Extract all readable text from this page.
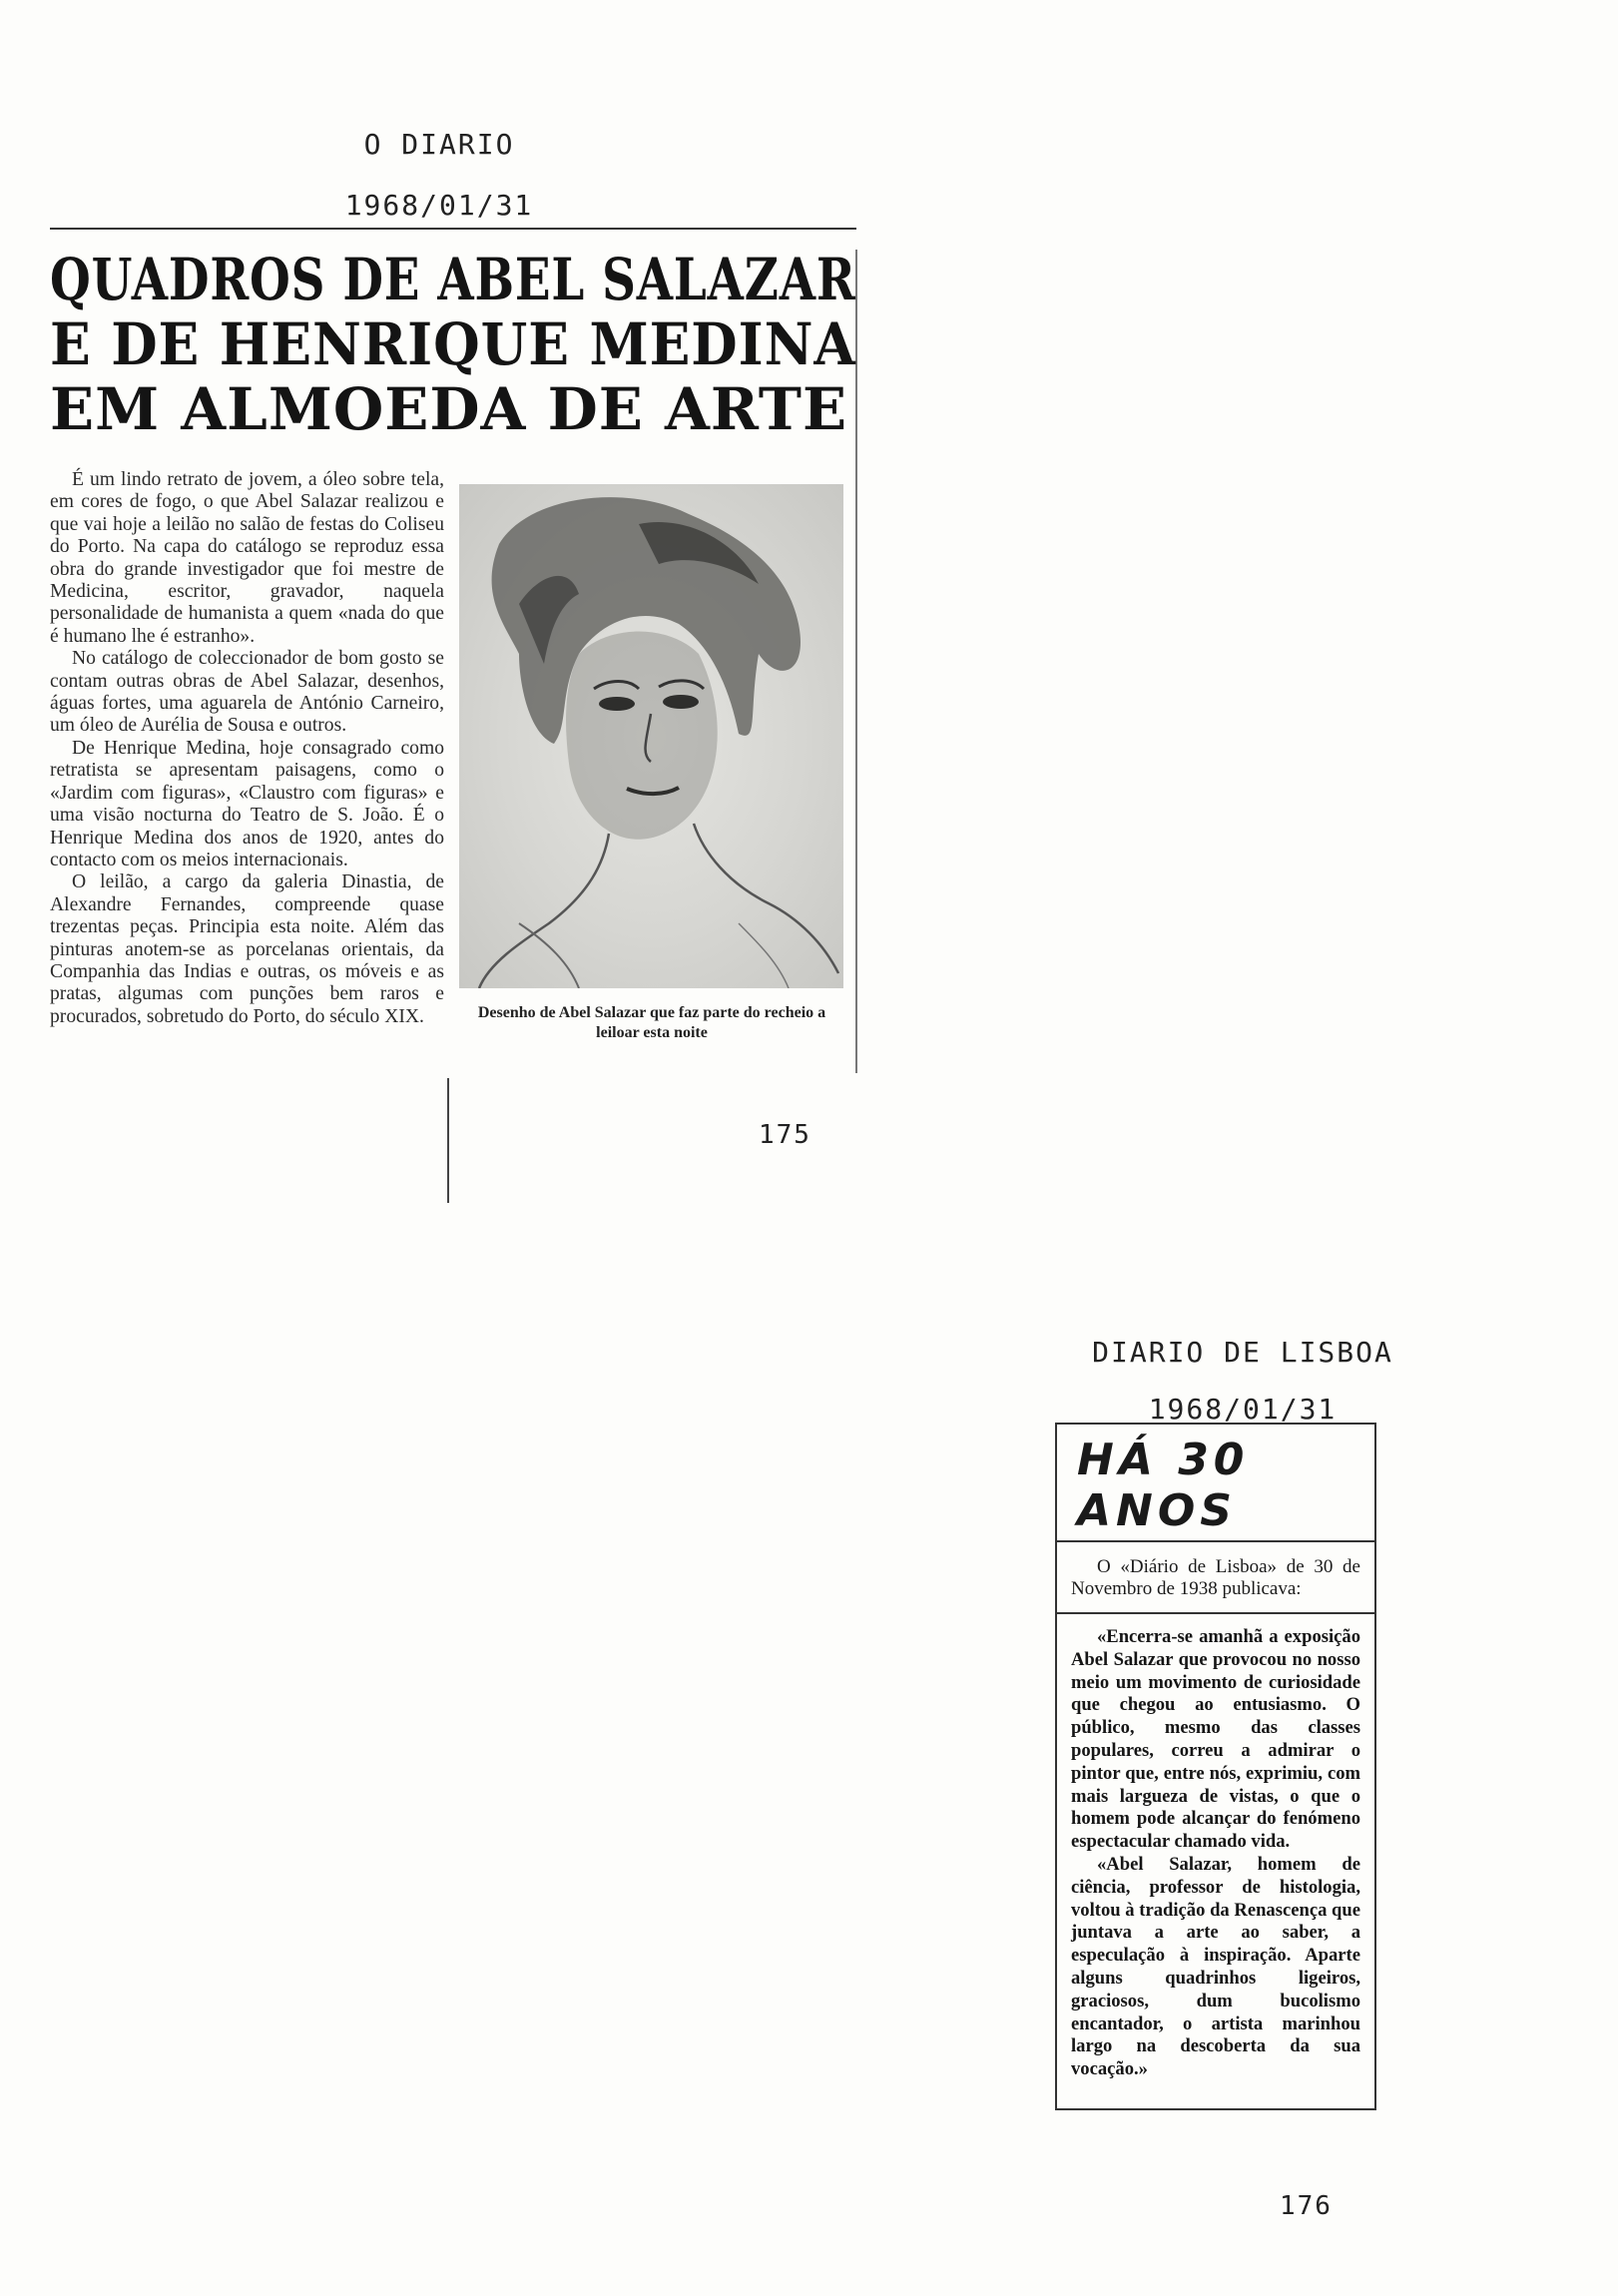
O DIARIO
1968/01/31
QUADROS DE ABEL SALAZAR
E DE HENRIQUE MEDINA
EM ALMOEDA DE ARTE

É um lindo retrato de jovem, a óleo sobre tela, em cores de fogo, o que Abel Salazar realizou e que vai hoje a leilão no salão de festas do Coliseu do Porto. Na capa do catálogo se reproduz essa obra do grande investigador que foi mestre de Medicina, escritor, gravador, naquela personalidade de humanista a quem «nada do que é humano lhe é estranho».

No catálogo de coleccionador de bom gosto se contam outras obras de Abel Salazar, desenhos, águas fortes, uma aguarela de António Carneiro, um óleo de Aurélia de Sousa e outros.

De Henrique Medina, hoje consagrado como retratista se apresentam paisagens, como o «Jardim com figuras», «Claustro com figuras» e uma visão nocturna do Teatro de S. João. É o Henrique Medina dos anos de 1920, antes do contacto com os meios internacionais.

O leilão, a cargo da galeria Dinastia, de Alexandre Fernandes, compreende quase trezentas peças. Principia esta noite. Além das pinturas anotem-se as porcelanas orientais, da Companhia das Indias e outras, os móveis e as pratas, algumas com punções bem raros e procurados, sobretudo do Porto, do século XIX.	Desenho de Abel Salazar que faz parte do recheio a leiloar esta noite
175
DIARIO DE LISBOA
1968/01/31
HÁ 30 ANOS

O «Diário de Lisboa» de 30 de Novembro de 1938 publicava:

«Encerra-se amanhã a exposição Abel Salazar que provocou no nosso meio um movimento de curiosidade que chegou ao entusiasmo. O público, mesmo das classes populares, correu a admirar o pintor que, entre nós, exprimiu, com mais largueza de vistas, o que o homem pode alcançar do fenómeno espectacular chamado vida.

«Abel Salazar, homem de ciência, professor de histologia, voltou à tradição da Renascença que juntava a arte ao saber, a especulação à inspiração. Aparte alguns quadrinhos ligeiros, graciosos, dum bucolismo encantador, o artista marinhou largo na descoberta da sua vocação.»

176
